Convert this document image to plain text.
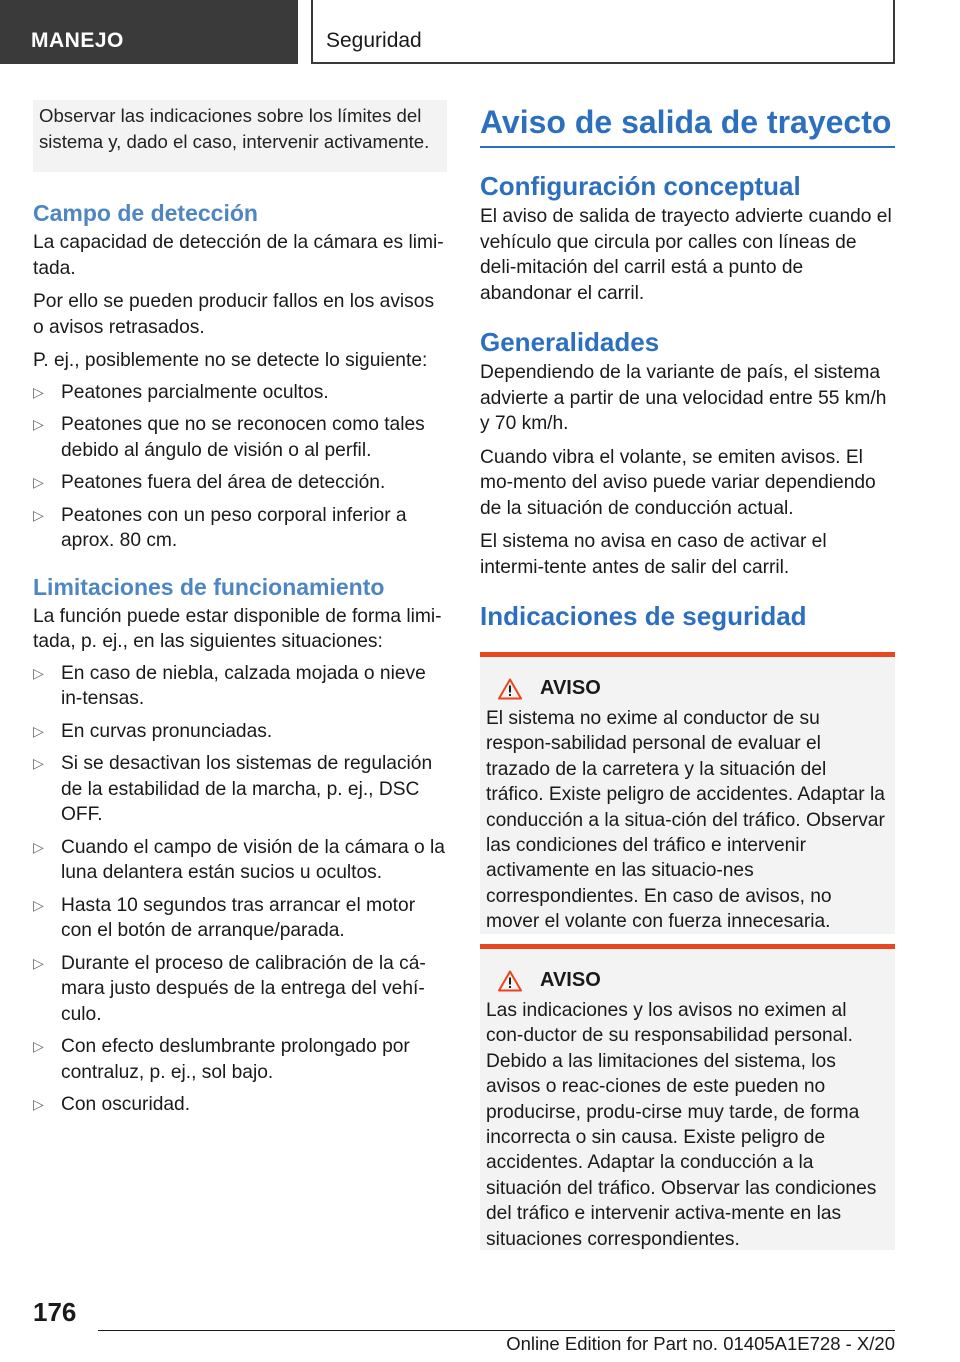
MANEJO	Seguridad

Observar las indicaciones sobre los límites del sistema y, dado el caso, intervenir activamente.

Campo de detección

La capacidad de detección de la cámara es limi-tada.

Por ello se pueden producir fallos en los avisos o avisos retrasados.

P. ej., posiblemente no se detecte lo siguiente:

▷ Peatones parcialmente ocultos.
▷ Peatones que no se reconocen como tales debido al ángulo de visión o al perfil.
▷ Peatones fuera del área de detección.
▷ Peatones con un peso corporal inferior a aprox. 80 cm.
Limitaciones de funcionamiento

La función puede estar disponible de forma limi-tada, p. ej., en las siguientes situaciones:

▷ En caso de niebla, calzada mojada o nieve in-tensas.
▷ En curvas pronunciadas.
▷ Si se desactivan los sistemas de regulación de la estabilidad de la marcha, p. ej., DSC OFF.
▷ Cuando el campo de visión de la cámara o la luna delantera están sucios u ocultos.
▷ Hasta 10 segundos tras arrancar el motor con el botón de arranque/parada.
▷ Durante el proceso de calibración de la cá-mara justo después de la entrega del vehí-culo.
▷ Con efecto deslumbrante prolongado por contraluz, p. ej., sol bajo.
▷ Con oscuridad.
Aviso de salida de trayecto
Configuración conceptual

El aviso de salida de trayecto advierte cuando el vehículo que circula por calles con líneas de deli-mitación del carril está a punto de abandonar el carril.

Generalidades

Dependiendo de la variante de país, el sistema advierte a partir de una velocidad entre 55 km/h y 70 km/h.

Cuando vibra el volante, se emiten avisos. El mo-mento del aviso puede variar dependiendo de la situación de conducción actual.

El sistema no avisa en caso de activar el intermi-tente antes de salir del carril.

Indicaciones de seguridad
AVISO

El sistema no exime al conductor de su respon-sabilidad personal de evaluar el trazado de la carretera y la situación del tráfico. Existe peligro de accidentes. Adaptar la conducción a la situa-ción del tráfico. Observar las condiciones del tráfico e intervenir activamente en las situacio-nes correspondientes. En caso de avisos, no mover el volante con fuerza innecesaria.

AVISO

Las indicaciones y los avisos no eximen al con-ductor de su responsabilidad personal. Debido a las limitaciones del sistema, los avisos o reac-ciones de este pueden no producirse, produ-cirse muy tarde, de forma incorrecta o sin causa. Existe peligro de accidentes. Adaptar la conducción a la situación del tráfico. Observar las condiciones del tráfico e intervenir activa-mente en las situaciones correspondientes.

176
Online Edition for Part no. 01405A1E728 - X/20
